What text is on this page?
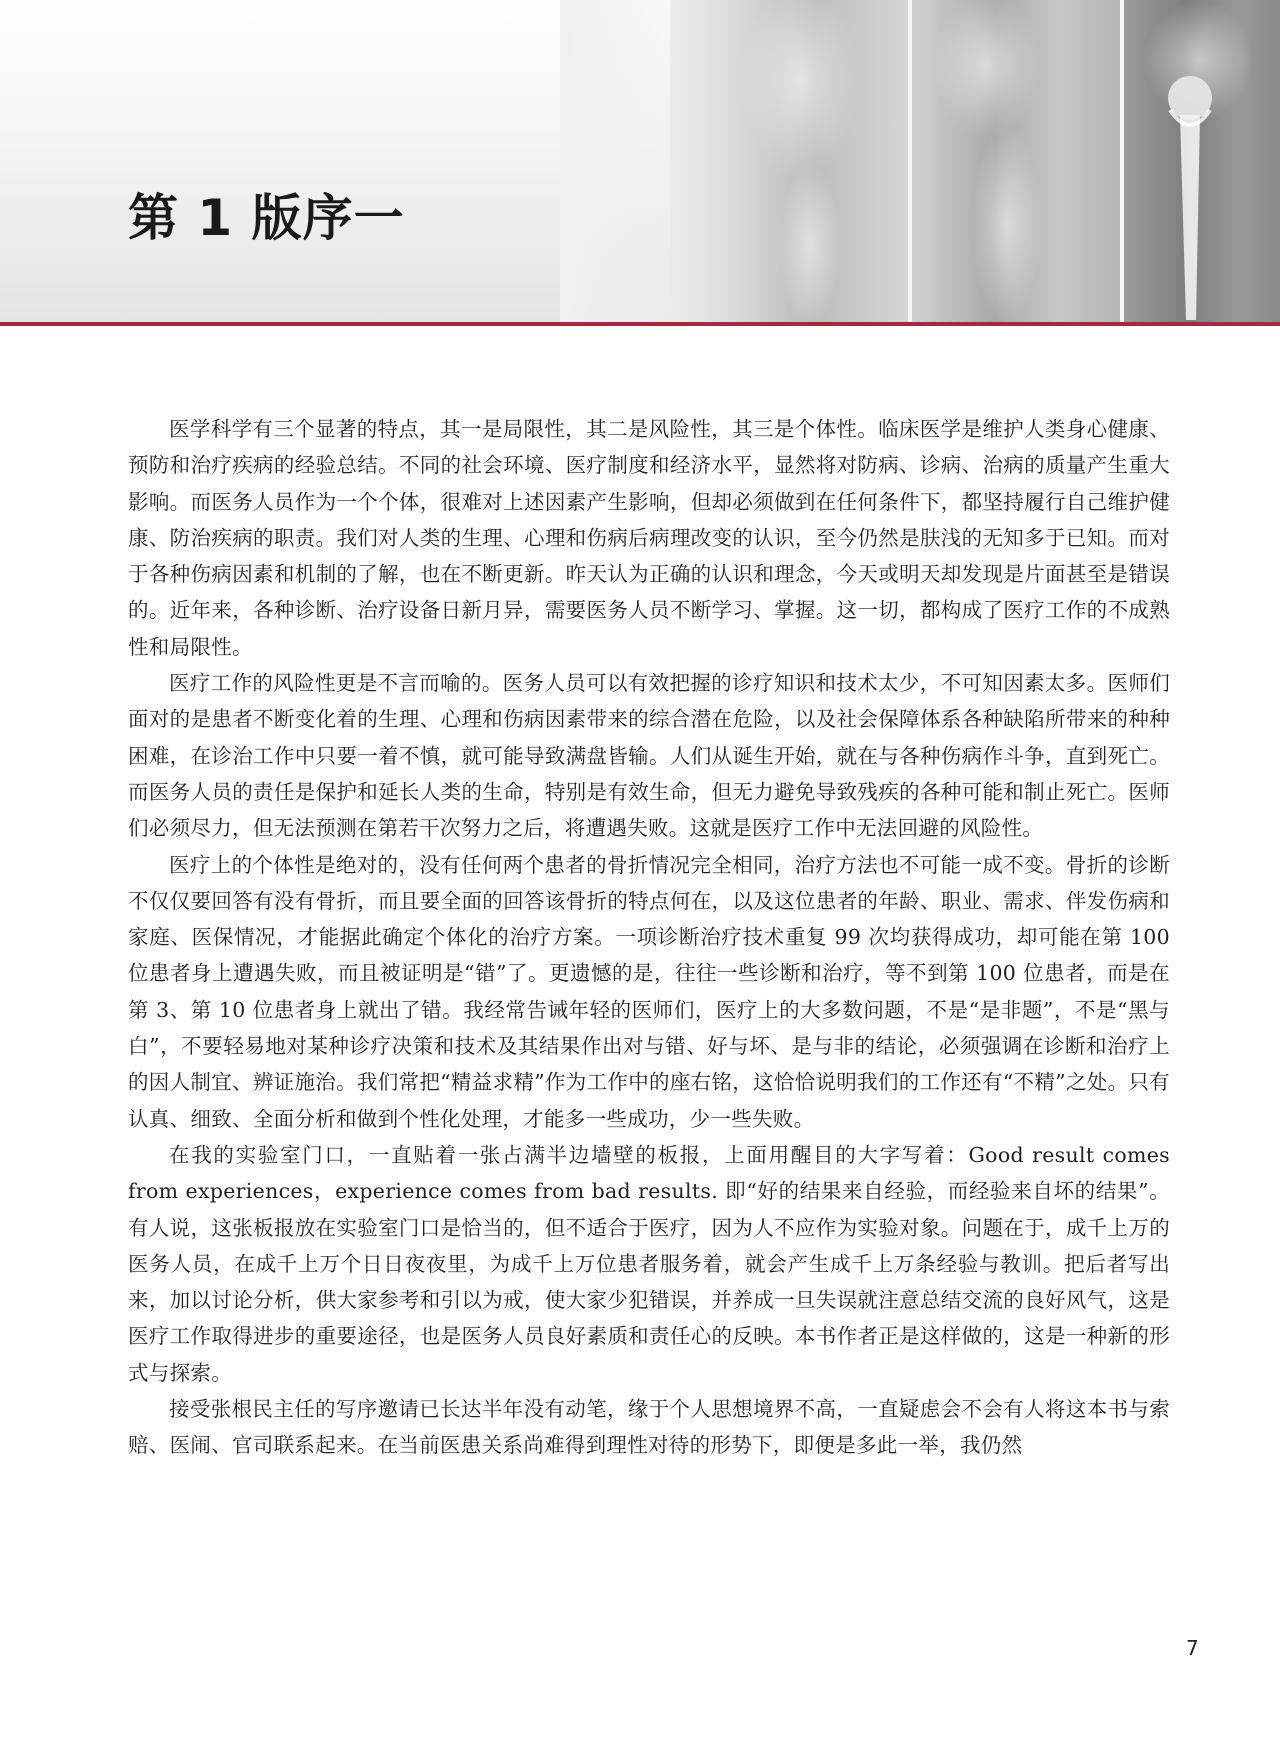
第 1 版序一

医学科学有三个显著的特点，其一是局限性，其二是风险性，其三是个体性。临床医学是维护人类身心健康、预防和治疗疾病的经验总结。不同的社会环境、医疗制度和经济水平，显然将对防病、诊病、治病的质量产生重大影响。而医务人员作为一个个体，很难对上述因素产生影响，但却必须做到在任何条件下，都坚持履行自己维护健康、防治疾病的职责。我们对人类的生理、心理和伤病后病理改变的认识，至今仍然是肤浅的无知多于已知。而对于各种伤病因素和机制的了解，也在不断更新。昨天认为正确的认识和理念，今天或明天却发现是片面甚至是错误的。近年来，各种诊断、治疗设备日新月异，需要医务人员不断学习、掌握。这一切，都构成了医疗工作的不成熟性和局限性。

医疗工作的风险性更是不言而喻的。医务人员可以有效把握的诊疗知识和技术太少，不可知因素太多。医师们面对的是患者不断变化着的生理、心理和伤病因素带来的综合潜在危险，以及社会保障体系各种缺陷所带来的种种困难，在诊治工作中只要一着不慎，就可能导致满盘皆输。人们从诞生开始，就在与各种伤病作斗争，直到死亡。而医务人员的责任是保护和延长人类的生命，特别是有效生命，但无力避免导致残疾的各种可能和制止死亡。医师们必须尽力，但无法预测在第若干次努力之后，将遭遇失败。这就是医疗工作中无法回避的风险性。

医疗上的个体性是绝对的，没有任何两个患者的骨折情况完全相同，治疗方法也不可能一成不变。骨折的诊断不仅仅要回答有没有骨折，而且要全面的回答该骨折的特点何在，以及这位患者的年龄、职业、需求、伴发伤病和家庭、医保情况，才能据此确定个体化的治疗方案。一项诊断治疗技术重复 99 次均获得成功，却可能在第 100 位患者身上遭遇失败，而且被证明是“错”了。更遗憾的是，往往一些诊断和治疗，等不到第 100 位患者，而是在第 3、第 10 位患者身上就出了错。我经常告诫年轻的医师们，医疗上的大多数问题，不是“是非题”，不是“黑与白”，不要轻易地对某种诊疗决策和技术及其结果作出对与错、好与坏、是与非的结论，必须强调在诊断和治疗上的因人制宜、辨证施治。我们常把“精益求精”作为工作中的座右铭，这恰恰说明我们的工作还有“不精”之处。只有认真、细致、全面分析和做到个性化处理，才能多一些成功，少一些失败。

在我的实验室门口，一直贴着一张占满半边墙壁的板报，上面用醒目的大字写着：Good result comes from experiences，experience comes from bad results. 即“好的结果来自经验，而经验来自坏的结果”。有人说，这张板报放在实验室门口是恰当的，但不适合于医疗，因为人不应作为实验对象。问题在于，成千上万的医务人员，在成千上万个日日夜夜里，为成千上万位患者服务着，就会产生成千上万条经验与教训。把后者写出来，加以讨论分析，供大家参考和引以为戒，使大家少犯错误，并养成一旦失误就注意总结交流的良好风气，这是医疗工作取得进步的重要途径，也是医务人员良好素质和责任心的反映。本书作者正是这样做的，这是一种新的形式与探索。

接受张根民主任的写序邀请已长达半年没有动笔，缘于个人思想境界不高，一直疑虑会不会有人将这本书与索赔、医闹、官司联系起来。在当前医患关系尚难得到理性对待的形势下，即便是多此一举，我仍然

7
